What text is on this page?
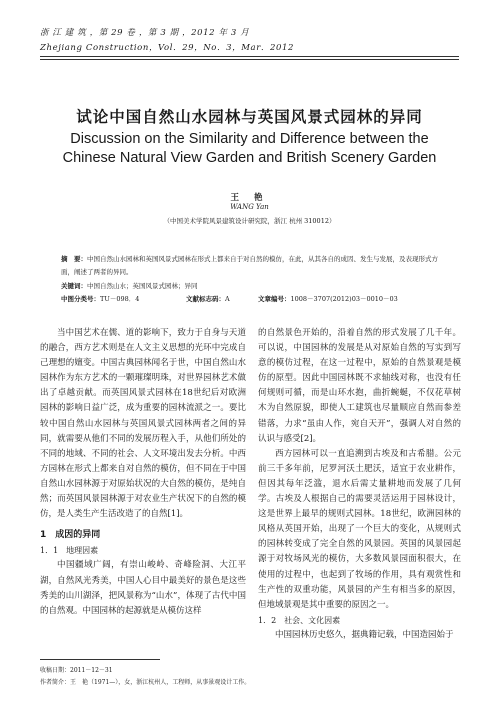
浙 江 建 筑 ，第 29 卷 ，第 3 期 ，2012 年 3 月
Zhejiang Construction，Vol．29，No．3，Mar．2012
试论中国自然山水园林与英国风景式园林的异同
Discussion on the Similarity and Difference between the
Chinese Natural View Garden and British Scenery Garden
王 艳
WANG Yan
（中国美术学院风景建筑设计研究院，浙江 杭州 310012）
摘　要：中国自然山水园林和英国风景式园林在形式上都来自于对自然的模仿，在此，从其各自的成因、发生与发展，及表现形式方面，阐述了两者的异同。
关键词：中国自然山水；英国风景式园林；异同
中图分类号：TU－098．4	文献标志码：A	文章编号：1008－3707(2012)03－0010－03

当中国艺术在儒、道的影响下，致力于自身与天道的融合，西方艺术则是在人文主义思想的光环中完成自己理想的嬗变。中国古典园林闻名于世，中国自然山水园林作为东方艺术的一颗璀璨明珠，对世界园林艺术做出了卓越贡献。而英国风景式园林在18世纪后对欧洲园林的影响日益广泛，成为重要的园林流派之一。要比较中国自然山水园林与英国风景式园林两者之间的异同，就需要从他们不同的发展历程入手，从他们所处的不同的地域、不同的社会、人文环境出发去分析。中西方园林在形式上都来自对自然的模仿，但不同在于中国自然山水园林源于对原始状况的大自然的模仿，是纯自然；而英国风景园林源于对农业生产状况下的自然的模仿，是人类生产生活改造了的自然[1]。

1　成因的异同

1．1　地理因素

中国疆域广阔，有崇山峻岭、奇峰险洞、大江平湖，自然风光秀美，中国人心目中最美好的景色是这些秀美的山川湖泽，把风景称为“山水”，体现了古代中国的自然观。中国园林的起源就是从模仿这样

的自然景色开始的，沿着自然的形式发展了几千年。可以说，中国园林的发展是从对原始自然的写实到写意的模仿过程，在这一过程中，原始的自然景观是模仿的原型。因此中国园林既不求轴线对称，也没有任何规则可循，而是山环水抱，曲折蜿蜒，不仅花草树木为自然原貌，即使人工建筑也尽量顺应自然而参差错落，力求“虽由人作，宛自天开”，强调人对自然的认识与感受[2]。

西方园林可以一直追溯到古埃及和古希腊。公元前三千多年前，尼罗河沃土肥沃，适宜于农业耕作，但因其每年泛滥，退水后需丈量耕地而发展了几何学。古埃及人根据自己的需要灵活运用于园林设计，这是世界上最早的规则式园林。18世纪，欧洲园林的风格从英国开始，出现了一个巨大的变化，从规则式的园林转变成了完全自然的风景园。英国的风景园起源于对牧场风光的模仿，大多数风景园面积很大，在使用的过程中，也起到了牧场的作用，具有观赏性和生产性的双重功能，风景园的产生有相当多的原因，但地域景观是其中重要的原因之一。

1．2　社会、文化因素

中国园林历史悠久，据典籍记载，中国造园始于

收稿日期：2011－12－31
作者简介：王　艳（1971—），女，浙江杭州人，工程师，从事景观设计工作。
